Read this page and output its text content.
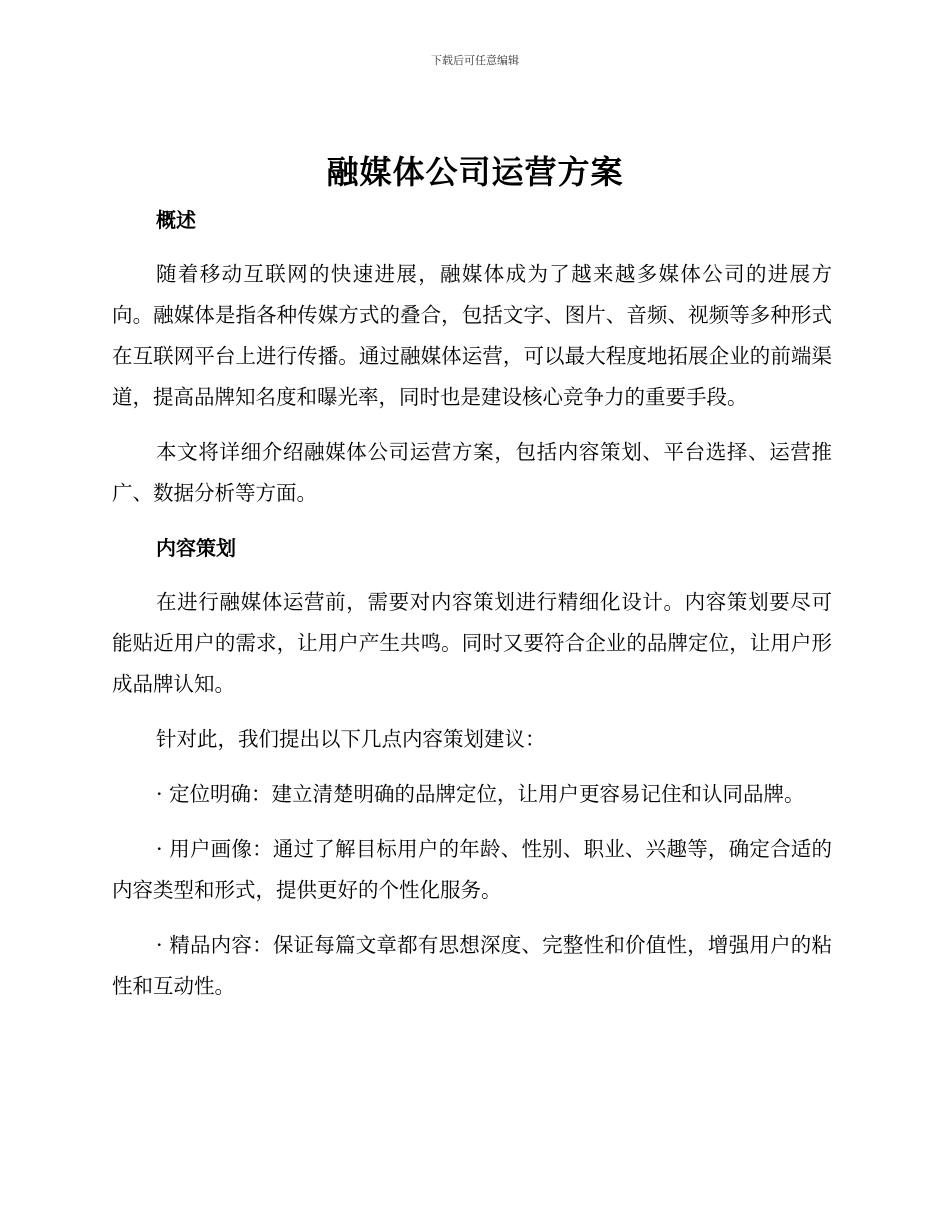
下载后可任意编辑
融媒体公司运营方案
概述

随着移动互联网的快速进展，融媒体成为了越来越多媒体公司的进展方向。融媒体是指各种传媒方式的叠合，包括文字、图片、音频、视频等多种形式在互联网平台上进行传播。通过融媒体运营，可以最大程度地拓展企业的前端渠道，提高品牌知名度和曝光率，同时也是建设核心竞争力的重要手段。

本文将详细介绍融媒体公司运营方案，包括内容策划、平台选择、运营推广、数据分析等方面。

内容策划

在进行融媒体运营前，需要对内容策划进行精细化设计。内容策划要尽可能贴近用户的需求，让用户产生共鸣。同时又要符合企业的品牌定位，让用户形成品牌认知。

针对此，我们提出以下几点内容策划建议：

· 定位明确：建立清楚明确的品牌定位，让用户更容易记住和认同品牌。

· 用户画像：通过了解目标用户的年龄、性别、职业、兴趣等，确定合适的内容类型和形式，提供更好的个性化服务。

· 精品内容：保证每篇文章都有思想深度、完整性和价值性，增强用户的粘性和互动性。
